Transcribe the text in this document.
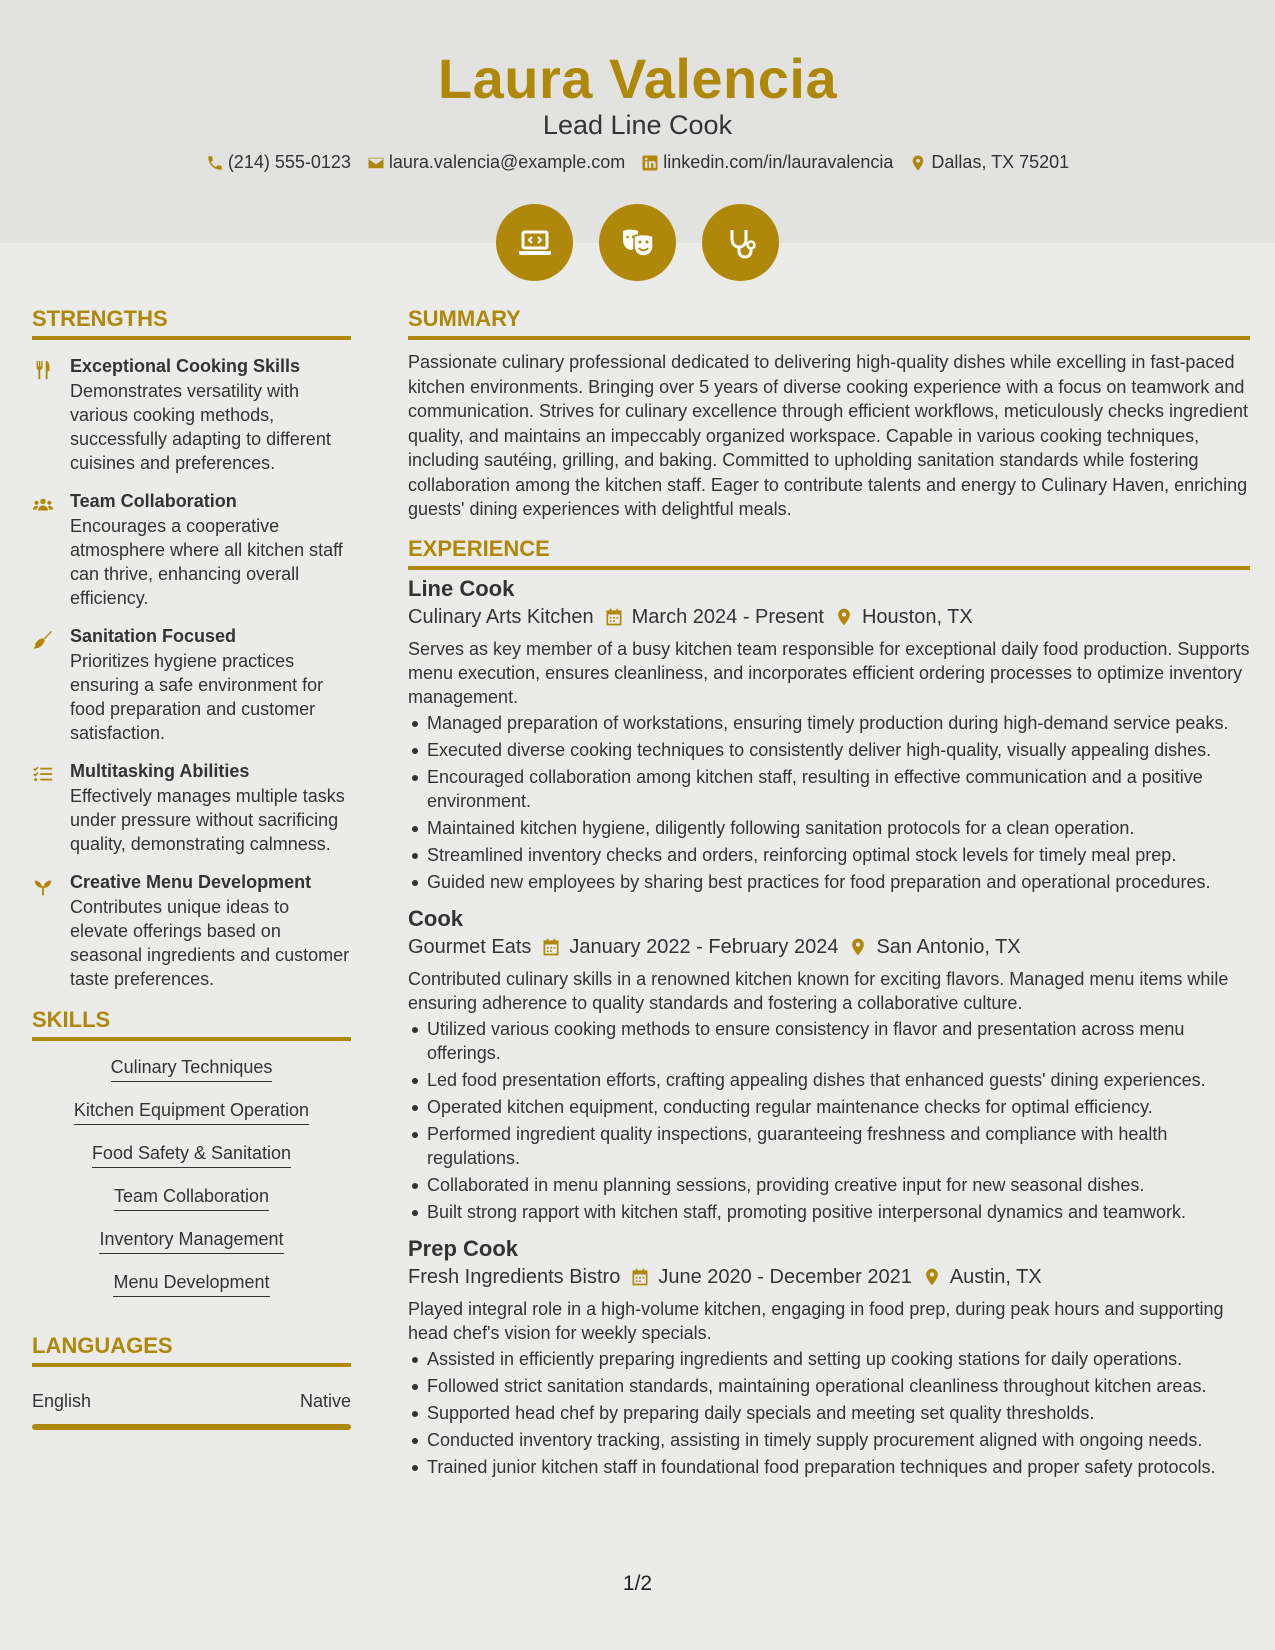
Laura Valencia
Lead Line Cook
(214) 555-0123 laura.valencia@example.com linkedin.com/in/lauravalencia Dallas, TX 75201
STRENGTHS
Exceptional Cooking Skills
Demonstrates versatility with various cooking methods, successfully adapting to different cuisines and preferences.
Team Collaboration
Encourages a cooperative atmosphere where all kitchen staff can thrive, enhancing overall efficiency.
Sanitation Focused
Prioritizes hygiene practices ensuring a safe environment for food preparation and customer satisfaction.
Multitasking Abilities
Effectively manages multiple tasks under pressure without sacrificing quality, demonstrating calmness.
Creative Menu Development
Contributes unique ideas to elevate offerings based on seasonal ingredients and customer taste preferences.
SKILLS
Culinary Techniques
Kitchen Equipment Operation
Food Safety & Sanitation
Team Collaboration
Inventory Management
Menu Development
LANGUAGES
English	Native
SUMMARY
Passionate culinary professional dedicated to delivering high-quality dishes while excelling in fast-paced kitchen environments. Bringing over 5 years of diverse cooking experience with a focus on teamwork and communication. Strives for culinary excellence through efficient workflows, meticulously checks ingredient quality, and maintains an impeccably organized workspace. Capable in various cooking techniques, including sautéing, grilling, and baking. Committed to upholding sanitation standards while fostering collaboration among the kitchen staff. Eager to contribute talents and energy to Culinary Haven, enriching guests' dining experiences with delightful meals.
EXPERIENCE
Line Cook
Culinary Arts Kitchen March 2024 - Present Houston, TX
Serves as key member of a busy kitchen team responsible for exceptional daily food production. Supports menu execution, ensures cleanliness, and incorporates efficient ordering processes to optimize inventory management.
Managed preparation of workstations, ensuring timely production during high-demand service peaks.
Executed diverse cooking techniques to consistently deliver high-quality, visually appealing dishes.
Encouraged collaboration among kitchen staff, resulting in effective communication and a positive environment.
Maintained kitchen hygiene, diligently following sanitation protocols for a clean operation.
Streamlined inventory checks and orders, reinforcing optimal stock levels for timely meal prep.
Guided new employees by sharing best practices for food preparation and operational procedures.
Cook
Gourmet Eats January 2022 - February 2024 San Antonio, TX
Contributed culinary skills in a renowned kitchen known for exciting flavors. Managed menu items while ensuring adherence to quality standards and fostering a collaborative culture.
Utilized various cooking methods to ensure consistency in flavor and presentation across menu offerings.
Led food presentation efforts, crafting appealing dishes that enhanced guests' dining experiences.
Operated kitchen equipment, conducting regular maintenance checks for optimal efficiency.
Performed ingredient quality inspections, guaranteeing freshness and compliance with health regulations.
Collaborated in menu planning sessions, providing creative input for new seasonal dishes.
Built strong rapport with kitchen staff, promoting positive interpersonal dynamics and teamwork.
Prep Cook
Fresh Ingredients Bistro June 2020 - December 2021 Austin, TX
Played integral role in a high-volume kitchen, engaging in food prep, during peak hours and supporting head chef's vision for weekly specials.
Assisted in efficiently preparing ingredients and setting up cooking stations for daily operations.
Followed strict sanitation standards, maintaining operational cleanliness throughout kitchen areas.
Supported head chef by preparing daily specials and meeting set quality thresholds.
Conducted inventory tracking, assisting in timely supply procurement aligned with ongoing needs.
Trained junior kitchen staff in foundational food preparation techniques and proper safety protocols.
1/2
